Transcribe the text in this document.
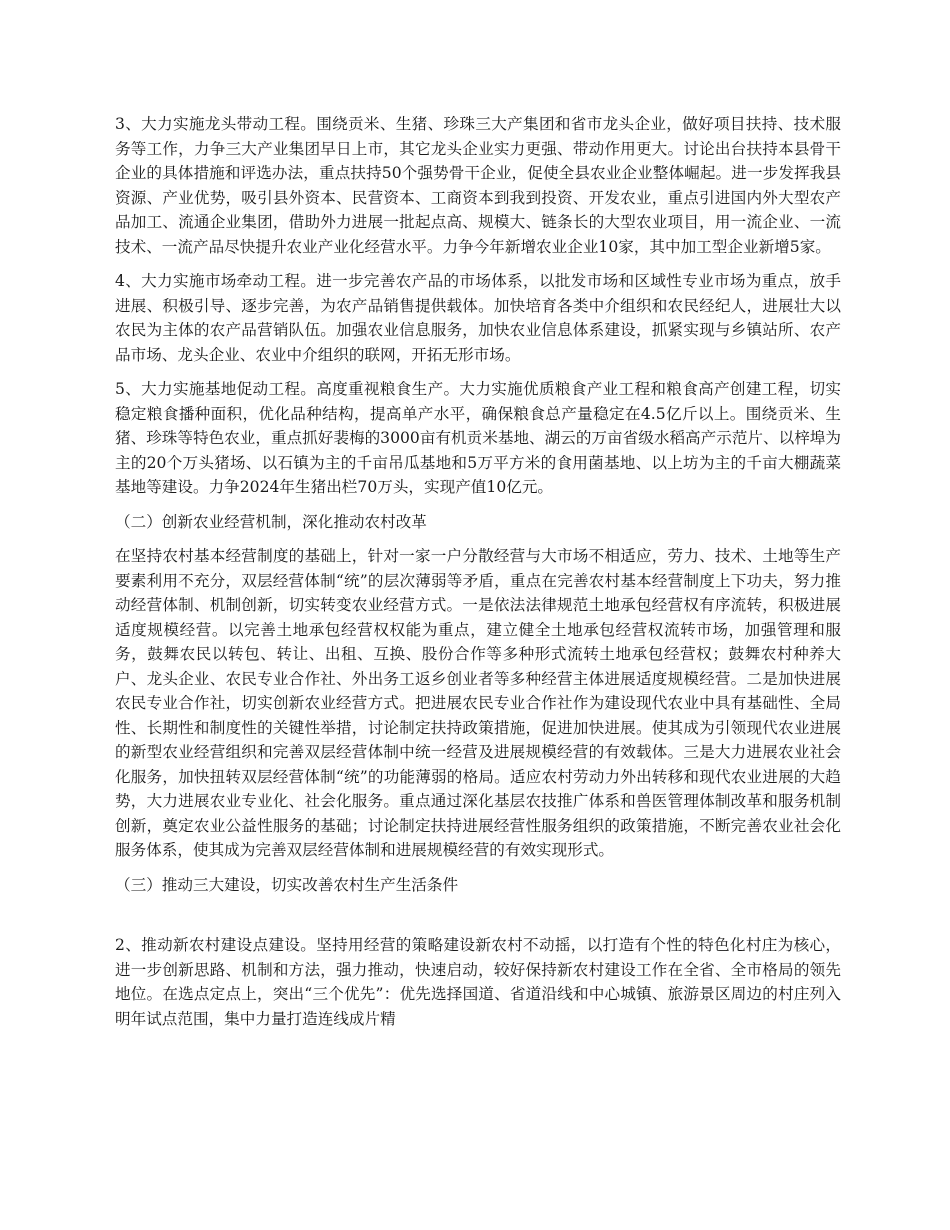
3、大力实施龙头带动工程。围绕贡米、生猪、珍珠三大产集团和省市龙头企业，做好项目扶持、技术服务等工作，力争三大产业集团早日上市，其它龙头企业实力更强、带动作用更大。讨论出台扶持本县骨干企业的具体措施和评选办法，重点扶持50个强势骨干企业，促使全县农业企业整体崛起。进一步发挥我县资源、产业优势，吸引县外资本、民营资本、工商资本到我到投资、开发农业，重点引进国内外大型农产品加工、流通企业集团，借助外力进展一批起点高、规模大、链条长的大型农业项目，用一流企业、一流技术、一流产品尽快提升农业产业化经营水平。力争今年新增农业企业10家，其中加工型企业新增5家。

4、大力实施市场牵动工程。进一步完善农产品的市场体系，以批发市场和区域性专业市场为重点，放手进展、积极引导、逐步完善，为农产品销售提供载体。加快培育各类中介组织和农民经纪人，进展壮大以农民为主体的农产品营销队伍。加强农业信息服务，加快农业信息体系建设，抓紧实现与乡镇站所、农产品市场、龙头企业、农业中介组织的联网，开拓无形市场。

5、大力实施基地促动工程。高度重视粮食生产。大力实施优质粮食产业工程和粮食高产创建工程，切实稳定粮食播种面积，优化品种结构，提高单产水平，确保粮食总产量稳定在4.5亿斤以上。围绕贡米、生猪、珍珠等特色农业，重点抓好裴梅的3000亩有机贡米基地、湖云的万亩省级水稻高产示范片、以梓埠为主的20个万头猪场、以石镇为主的千亩吊瓜基地和5万平方米的食用菌基地、以上坊为主的千亩大棚蔬菜基地等建设。力争2024年生猪出栏70万头，实现产值10亿元。

（二）创新农业经营机制，深化推动农村改革

在坚持农村基本经营制度的基础上，针对一家一户分散经营与大市场不相适应，劳力、技术、土地等生产要素利用不充分，双层经营体制“统”的层次薄弱等矛盾，重点在完善农村基本经营制度上下功夫，努力推动经营体制、机制创新，切实转变农业经营方式。一是依法法律规范土地承包经营权有序流转，积极进展适度规模经营。以完善土地承包经营权权能为重点，建立健全土地承包经营权流转市场，加强管理和服务，鼓舞农民以转包、转让、出租、互换、股份合作等多种形式流转土地承包经营权；鼓舞农村种养大户、龙头企业、农民专业合作社、外出务工返乡创业者等多种经营主体进展适度规模经营。二是加快进展农民专业合作社，切实创新农业经营方式。把进展农民专业合作社作为建设现代农业中具有基础性、全局性、长期性和制度性的关键性举措，讨论制定扶持政策措施，促进加快进展。使其成为引领现代农业进展的新型农业经营组织和完善双层经营体制中统一经营及进展规模经营的有效载体。三是大力进展农业社会化服务，加快扭转双层经营体制“统”的功能薄弱的格局。适应农村劳动力外出转移和现代农业进展的大趋势，大力进展农业专业化、社会化服务。重点通过深化基层农技推广体系和兽医管理体制改革和服务机制创新，奠定农业公益性服务的基础；讨论制定扶持进展经营性服务组织的政策措施，不断完善农业社会化服务体系，使其成为完善双层经营体制和进展规模经营的有效实现形式。

（三）推动三大建设，切实改善农村生产生活条件

2、推动新农村建设点建设。坚持用经营的策略建设新农村不动摇，以打造有个性的特色化村庄为核心，进一步创新思路、机制和方法，强力推动，快速启动，较好保持新农村建设工作在全省、全市格局的领先地位。在选点定点上，突出“三个优先”：优先选择国道、省道沿线和中心城镇、旅游景区周边的村庄列入明年试点范围，集中力量打造连线成片精
